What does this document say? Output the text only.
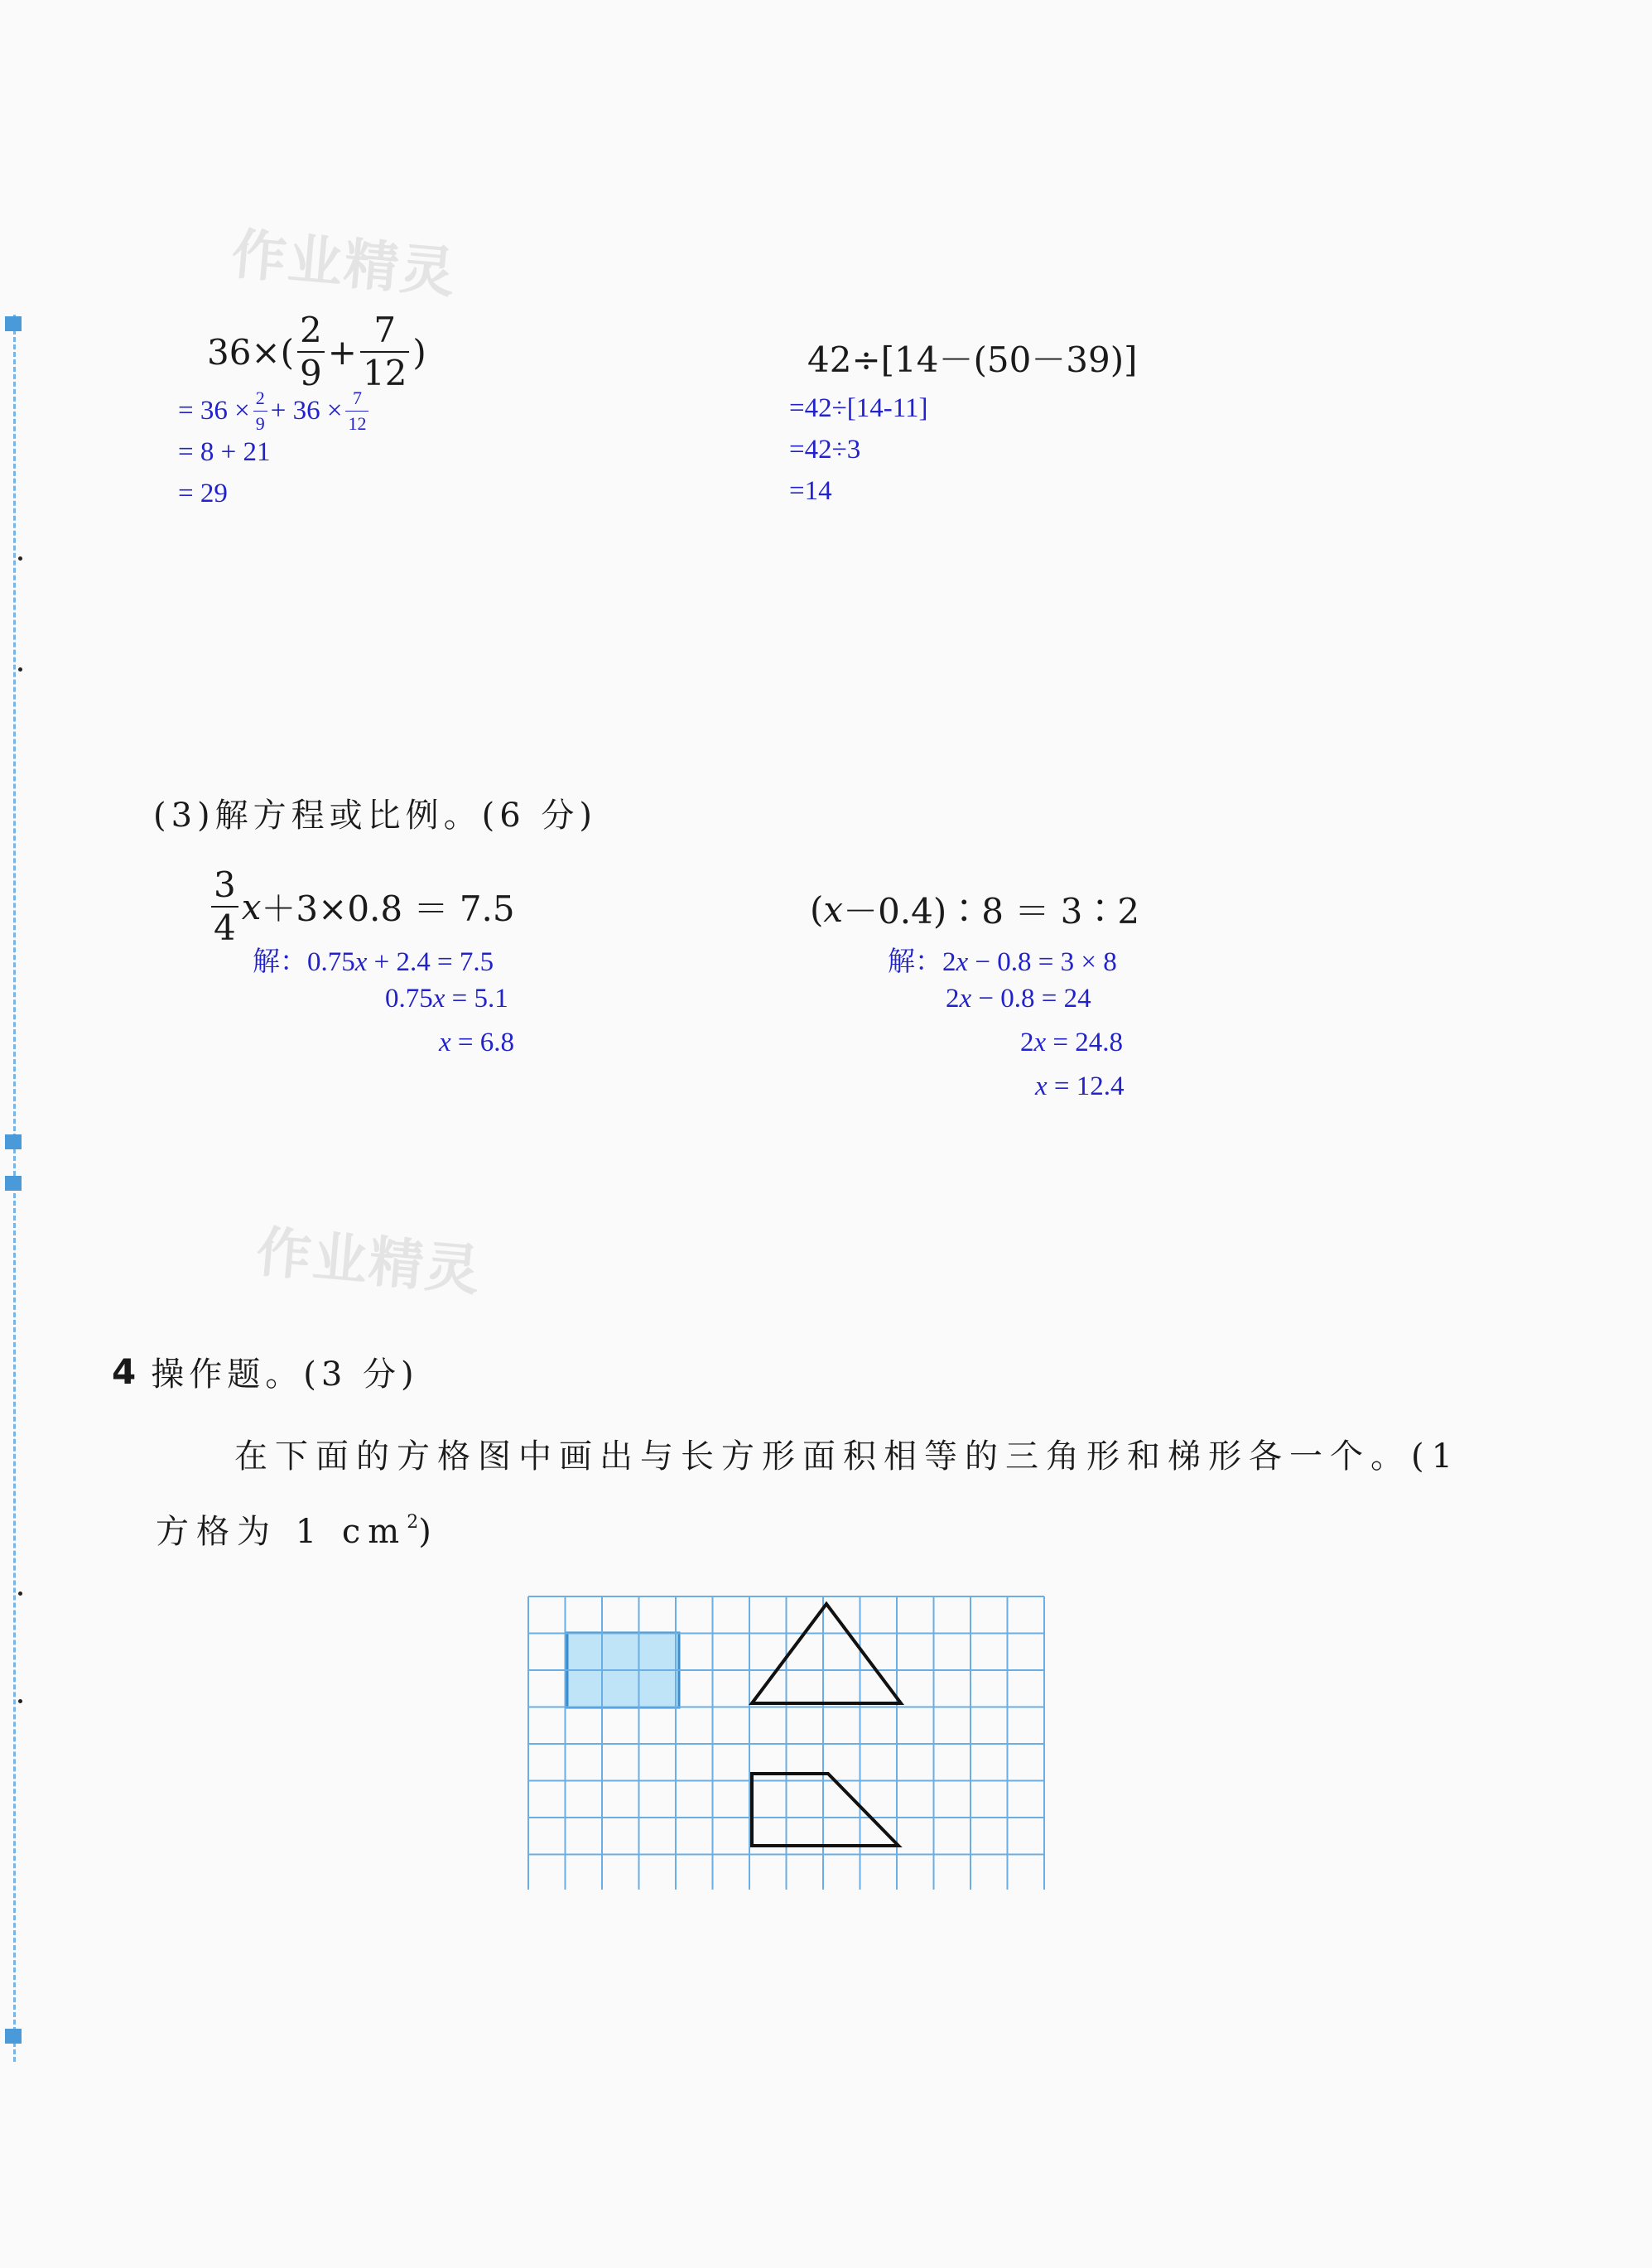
作业精灵
作业精灵
$36\times( \frac{2}{9} + \frac{7}{12}$ )
= $36 \times \frac{2}{9} + 36 \times \frac{7}{12}$
= 8 + 21
= 29
42÷[14－(50－39)]
=42÷[14-11]
=42÷3
=14
(3)解方程或比例。(6 分)
$\frac{3}{4}$ x ＋3×0.8 ＝ 7.5
解：0.75x + 2.4 = 7.5
0.75x = 5.1
x = 6.8
( x －0.4)∶8 ＝ 3∶2
解：2x − 0.8 = 3 × 8
2x − 0.8 = 24
2x = 24.8
x = 12.4
4 操作题。(3 分)
在下面的方格图中画出与长方形面积相等的三角形和梯形各一个。(1
方格为 1 $cm^2$)
